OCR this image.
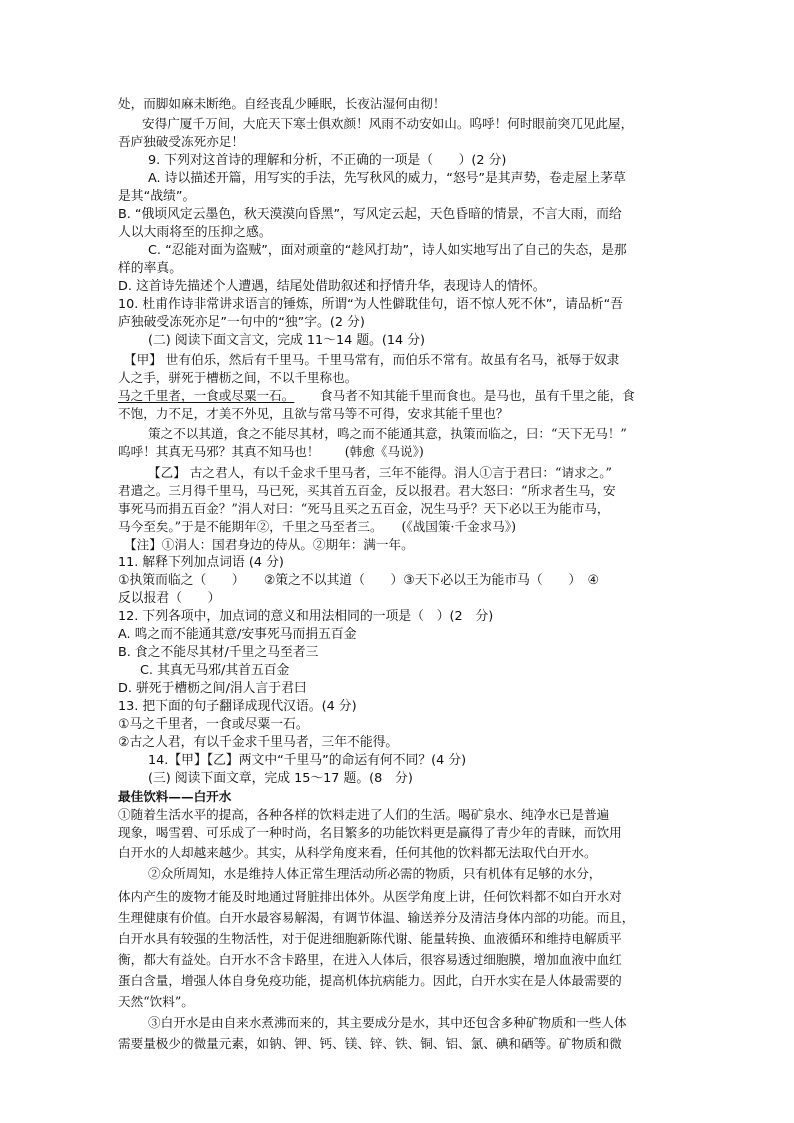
处，而脚如麻未断绝。自经丧乱少睡眠，长夜沾湿何由彻！
安得广厦千万间，大庇天下寒士俱欢颜！风雨不动安如山。呜呼！何时眼前突兀见此屋，
吾庐独破受冻死亦足！
9. 下列对这首诗的理解和分析，不正确的一项是（　　）(2 分)
A. 诗以描述开篇，用写实的手法，先写秋风的威力，“怒号”是其声势，卷走屋上茅草
是其“战绩”。
B. “俄顷风定云墨色，秋天漠漠向昏黑”，写风定云起，天色昏暗的情景，不言大雨，而给
人以大雨将至的压抑之感。
C. “忍能对面为盗贼”，面对顽童的“趁风打劫”，诗人如实地写出了自己的失态，是那
样的率真。
D. 这首诗先描述个人遭遇，结尾处借助叙述和抒情升华，表现诗人的情怀。
10. 杜甫作诗非常讲求语言的锤炼，所谓“为人性僻耽佳句，语不惊人死不休”，请品析“吾
庐独破受冻死亦足”一句中的“独”字。(2 分)
(二) 阅读下面文言文，完成 11～14 题。(14 分)
【甲】 世有伯乐，然后有千里马。千里马常有，而伯乐不常有。故虽有名马，祇辱于奴隶
人之手，骈死于槽枥之间，不以千里称也。
马之千里者，一食或尽粟一石。 食马者不知其能千里而食也。是马也，虽有千里之能，食
不饱，力不足，才美不外见，且欲与常马等不可得，安求其能千里也？
策之不以其道，食之不能尽其材，鸣之而不能通其意，执策而临之，曰：“天下无马！”
呜呼！其真无马邪？其真不知马也！　　(韩愈《马说》)
【乙】 古之君人，有以千金求千里马者，三年不能得。涓人①言于君曰：“请求之。”
君遣之。三月得千里马，马已死，买其首五百金，反以报君。君大怒曰：“所求者生马，安
事死马而捐五百金？”涓人对曰：“死马且买之五百金，况生马乎？天下必以王为能市马，
马今至矣。”于是不能期年②，千里之马至者三。　　(《战国策·千金求马》)
【注】①涓人：国君身边的侍从。②期年：满一年。
11. 解释下列加点词语 (4 分)
①执策而临之（　　）　　②策之不以其道（　　）③天下必以王为能市马（　　）　④
反以报君（　　）
12. 下列各项中，加点词的意义和用法相同的一项是（　）(2　分)
A. 鸣之而不能通其意/安事死马而捐五百金
B. 食之不能尽其材/千里之马至者三
C. 其真无马邪/其首五百金
D. 骈死于槽枥之间/涓人言于君曰
13. 把下面的句子翻译成现代汉语。(4 分)
①马之千里者，一食或尽粟一石。
②古之人君，有以千金求千里马者，三年不能得。
14.【甲】【乙】两文中“千里马”的命运有何不同？(4 分)
(三) 阅读下面文章，完成 15～17 题。(8　分)
最佳饮料——白开水
①随着生活水平的提高，各种各样的饮料走进了人们的生活。喝矿泉水、纯净水已是普遍
现象，喝雪碧、可乐成了一种时尚，名目繁多的功能饮料更是赢得了青少年的青睐，而饮用
白开水的人却越来越少。其实，从科学角度来看，任何其他的饮料都无法取代白开水。
②众所周知，水是维持人体正常生理活动所必需的物质，只有机体有足够的水分，
体内产生的废物才能及时地通过肾脏排出体外。从医学角度上讲，任何饮料都不如白开水对
生理健康有价值。白开水最容易解渴，有调节体温、输送养分及清洁身体内部的功能。而且，
白开水具有较强的生物活性，对于促进细胞新陈代谢、能量转换、血液循环和维持电解质平
衡，都大有益处。白开水不含卡路里，在进入人体后，很容易透过细胞膜，增加血液中血红
蛋白含量，增强人体自身免疫功能，提高机体抗病能力。因此，白开水实在是人体最需要的
天然“饮料”。
③白开水是由自来水煮沸而来的，其主要成分是水，其中还包含多种矿物质和一些人体
需要量极少的微量元素，如钠、钾、钙、镁、锌、铁、铜、铝、氯、碘和硒等。矿物质和微
